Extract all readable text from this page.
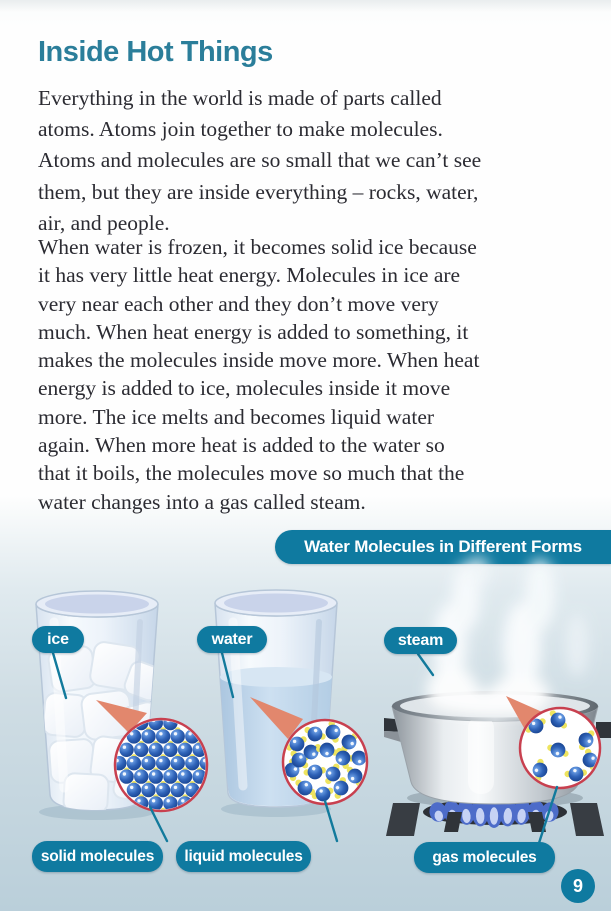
Inside Hot Things
Everything in the world is made of parts called
atoms. Atoms join together to make molecules.
Atoms and molecules are so small that we can’t see
them, but they are inside everything – rocks, water,
air, and people.
When water is frozen, it becomes solid ice because
it has very little heat energy. Molecules in ice are
very near each other and they don’t move very
much. When heat energy is added to something, it
makes the molecules inside move more. When heat
energy is added to ice, molecules inside it move
more. The ice melts and becomes liquid water
again. When more heat is added to the water so
that it boils, the molecules move so much that the
water changes into a gas called steam.
Water Molecules in Different Forms
ice	water	steam
solid molecules liquid molecules	gas molecules
9
